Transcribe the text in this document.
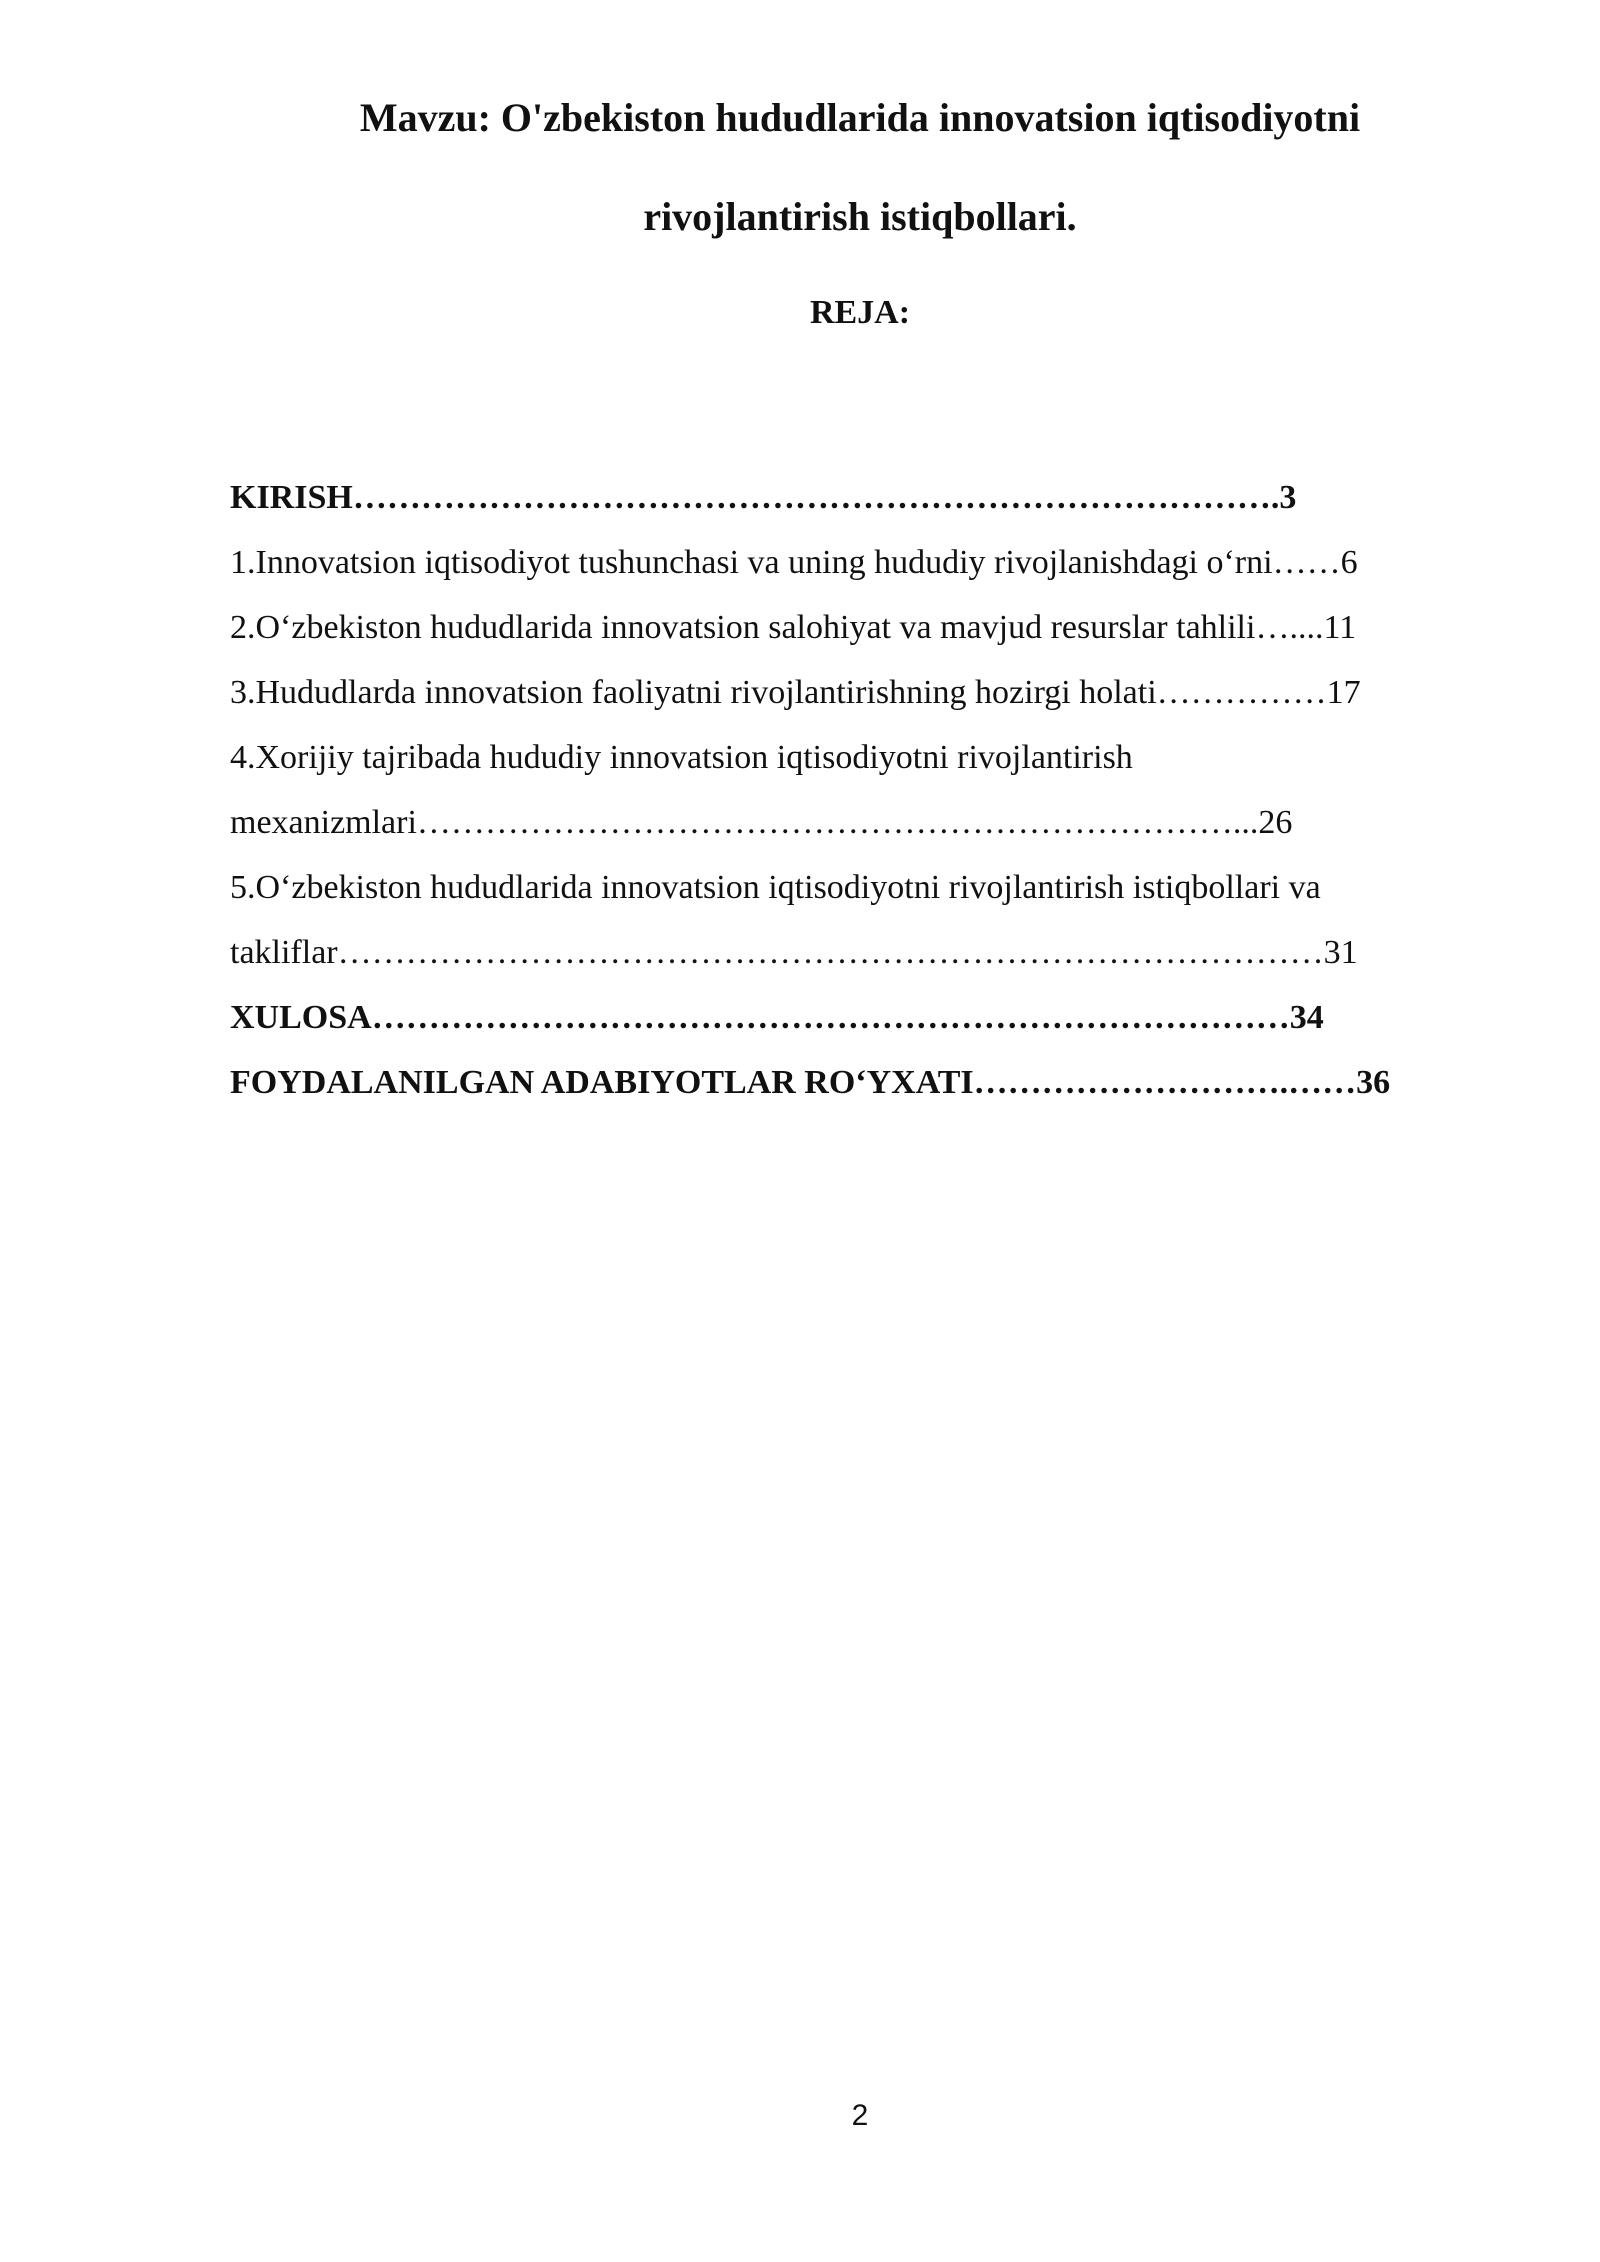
Mavzu: O'zbekiston hududlarida innovatsion iqtisodiyotni
rivojlantirish istiqbollari.
REJA:
KIRISH……………………………………………………………………….3
1.Innovatsion iqtisodiyot tushunchasi va uning hududiy rivojlanishdagi o‘rni……6
2.O‘zbekiston hududlarida innovatsion salohiyat va mavjud resurslar tahlili…....11
3.Hududlarda innovatsion faoliyatni rivojlantirishning hozirgi holati……………17
4.Xorijiy tajribada hududiy innovatsion iqtisodiyotni rivojlantirish
mexanizmlari………………………………………………………………...26
5.O‘zbekiston hududlarida innovatsion iqtisodiyotni rivojlantirish istiqbollari va
takliflar……………………………………………………………………………31
XULOSA………………………………………………………………………34
FOYDALANILGAN ADABIYOTLAR RO‘YXATI……………………….……36
2
